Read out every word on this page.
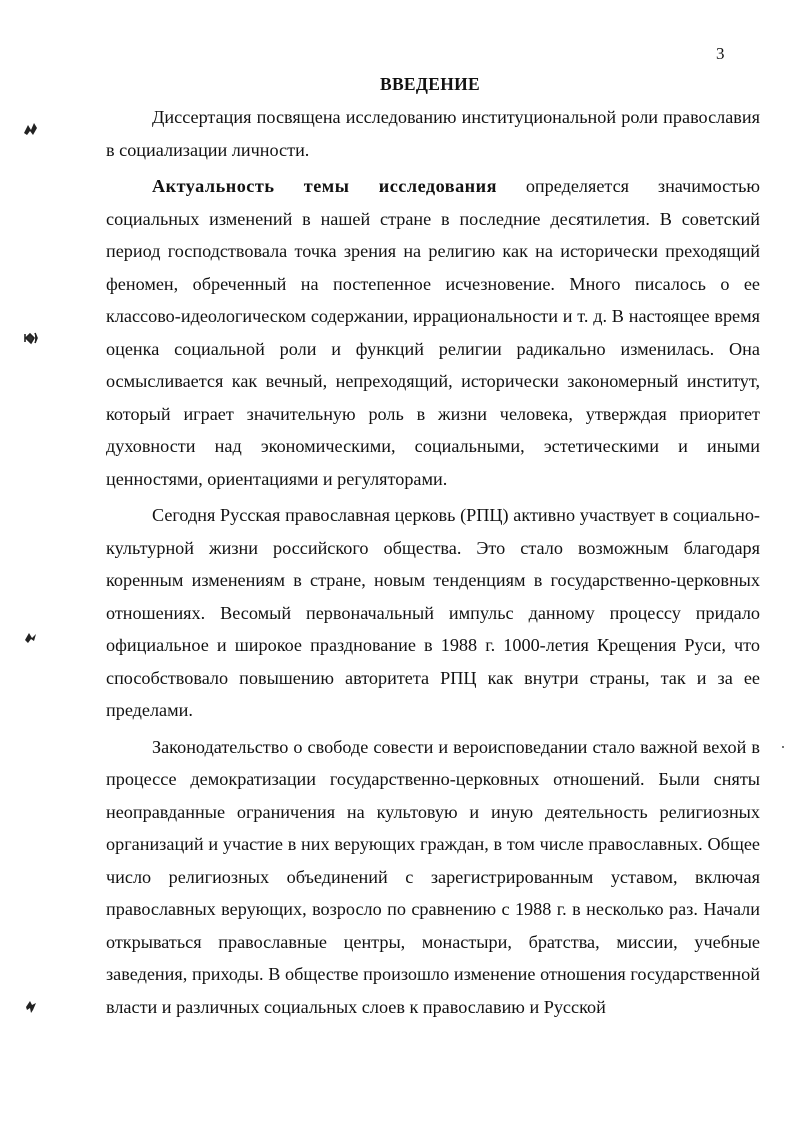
3
ВВЕДЕНИЕ

Диссертация посвящена исследованию институциональной роли православия в социализации личности.

Актуальность темы исследования определяется значимостью социальных изменений в нашей стране в последние десятилетия. В советский период господствовала точка зрения на религию как на исторически преходящий феномен, обреченный на постепенное исчезновение. Много писалось о ее классово-идеологическом содержании, иррациональности и т. д. В настоящее время оценка социальной роли и функций религии радикально изменилась. Она осмысливается как вечный, непреходящий, исторически закономерный институт, который играет значительную роль в жизни человека, утверждая приоритет духовности над экономическими, социальными, эстетическими и иными ценностями, ориентациями и регуляторами.

Сегодня Русская православная церковь (РПЦ) активно участвует в социально-культурной жизни российского общества. Это стало возможным благодаря коренным изменениям в стране, новым тенденциям в государственно-церковных отношениях. Весомый первоначальный импульс данному процессу придало официальное и широкое празднование в 1988 г. 1000-летия Крещения Руси, что способствовало повышению авторитета РПЦ как внутри страны, так и за ее пределами.

Законодательство о свободе совести и вероисповедании стало важной вехой в процессе демократизации государственно-церковных отношений. Были сняты неоправданные ограничения на культовую и иную деятельность религиозных организаций и участие в них верующих граждан, в том числе православных. Общее число религиозных объединений с зарегистрированным уставом, включая православных верующих, возросло по сравнению с 1988 г. в несколько раз. Начали открываться православные центры, монастыри, братства, миссии, учебные заведения, приходы. В обществе произошло изменение отношения государственной власти и различных социальных слоев к православию и Русской
